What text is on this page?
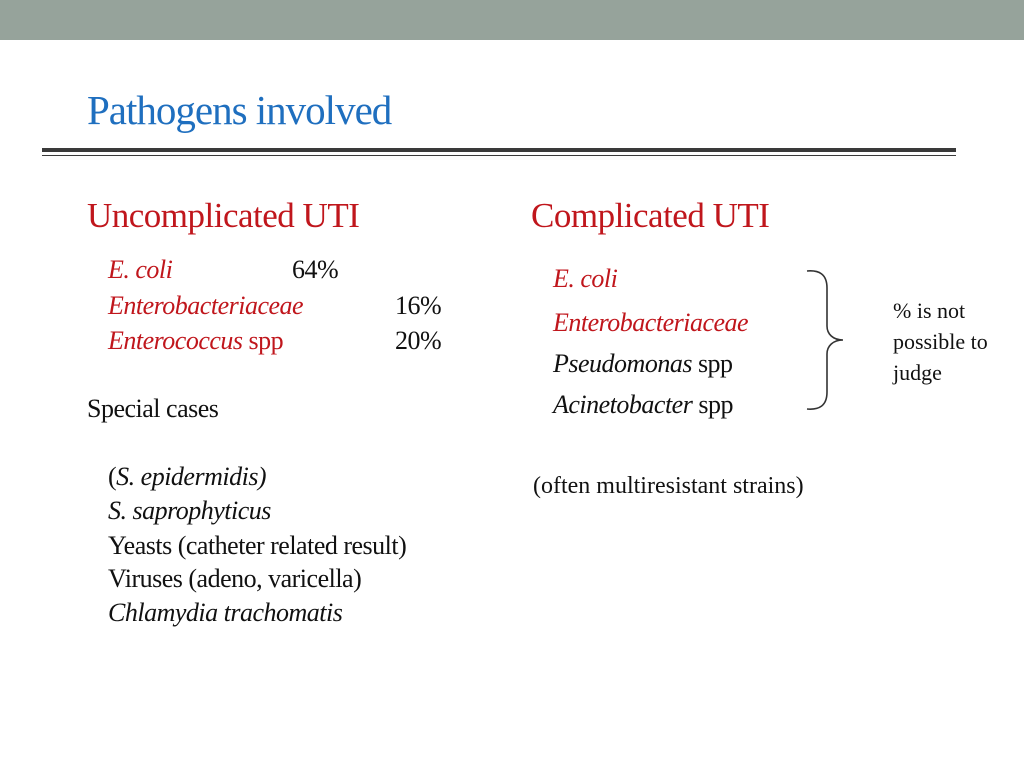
Pathogens involved
Uncomplicated UTI
E. coli	64%
Enterobacteriaceae	16%
Enterococcus spp	20%
Special cases
(S. epidermidis)
S. saprophyticus
Yeasts (catheter related result)
Viruses (adeno, varicella)
Chlamydia trachomatis
Complicated UTI
E. coli
Enterobacteriaceae
Pseudomonas spp
Acinetobacter spp
% is not possible to judge
(often multiresistant strains)
